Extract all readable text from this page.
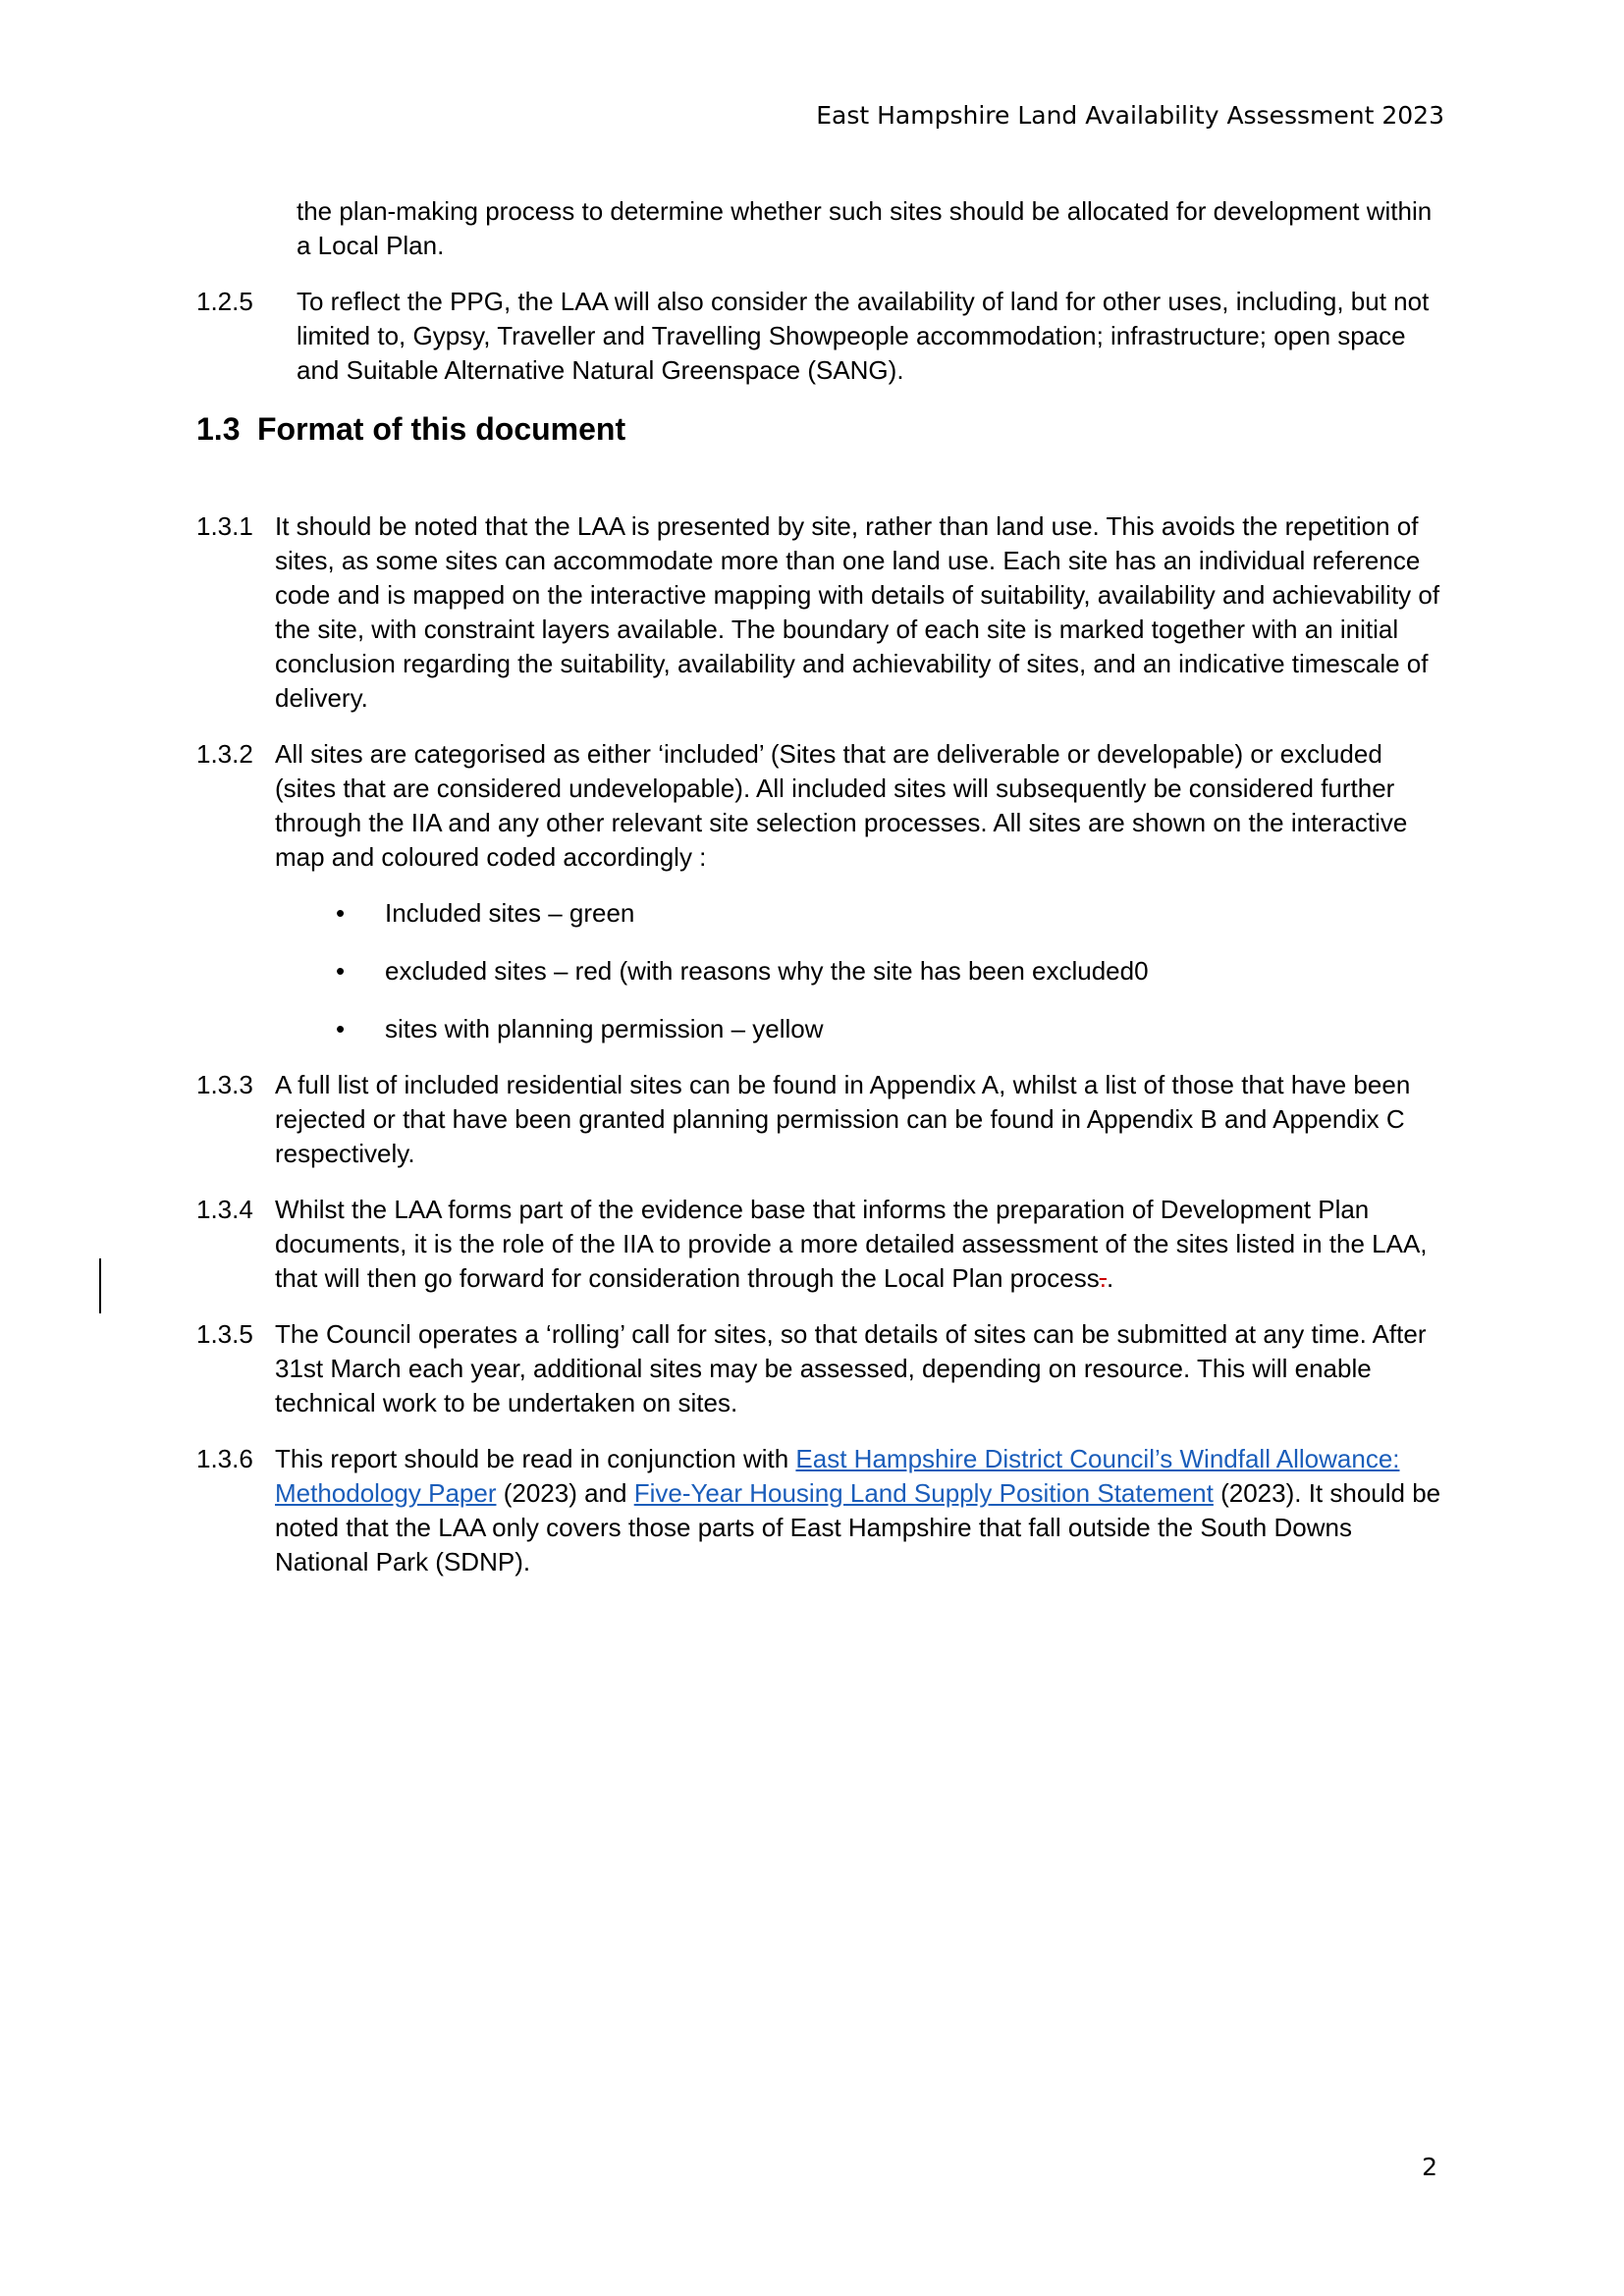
East Hampshire Land Availability Assessment 2023
the plan-making process to determine whether such sites should be allocated for development within a Local Plan.
1.2.5	To reflect the PPG, the LAA will also consider the availability of land for other uses, including, but not limited to, Gypsy, Traveller and Travelling Showpeople accommodation; infrastructure; open space and Suitable Alternative Natural Greenspace (SANG).
1.3 Format of this document
1.3.1 It should be noted that the LAA is presented by site, rather than land use. This avoids the repetition of sites, as some sites can accommodate more than one land use. Each site has an individual reference code and is mapped on the interactive mapping with details of suitability, availability and achievability of the site, with constraint layers available. The boundary of each site is marked together with an initial conclusion regarding the suitability, availability and achievability of sites, and an indicative timescale of delivery.
1.3.2 All sites are categorised as either ‘included’ (Sites that are deliverable or developable) or excluded (sites that are considered undevelopable). All included sites will subsequently be considered further through the IIA and any other relevant site selection processes. All sites are shown on the interactive map and coloured coded accordingly :
• Included sites – green
• excluded sites – red (with reasons why the site has been excluded0
• sites with planning permission – yellow
1.3.3 A full list of included residential sites can be found in Appendix A, whilst a list of those that have been rejected or that have been granted planning permission can be found in Appendix B and Appendix C respectively.
1.3.4 Whilst the LAA forms part of the evidence base that informs the preparation of Development Plan documents, it is the role of the IIA to provide a more detailed assessment of the sites listed in the LAA, that will then go forward for consideration through the Local Plan process..
1.3.5 The Council operates a ‘rolling’ call for sites, so that details of sites can be submitted at any time. After 31st March each year, additional sites may be assessed, depending on resource. This will enable technical work to be undertaken on sites.
1.3.6 This report should be read in conjunction with East Hampshire District Council’s Windfall Allowance: Methodology Paper (2023) and Five-Year Housing Land Supply Position Statement (2023). It should be noted that the LAA only covers those parts of East Hampshire that fall outside the South Downs National Park (SDNP).
2
